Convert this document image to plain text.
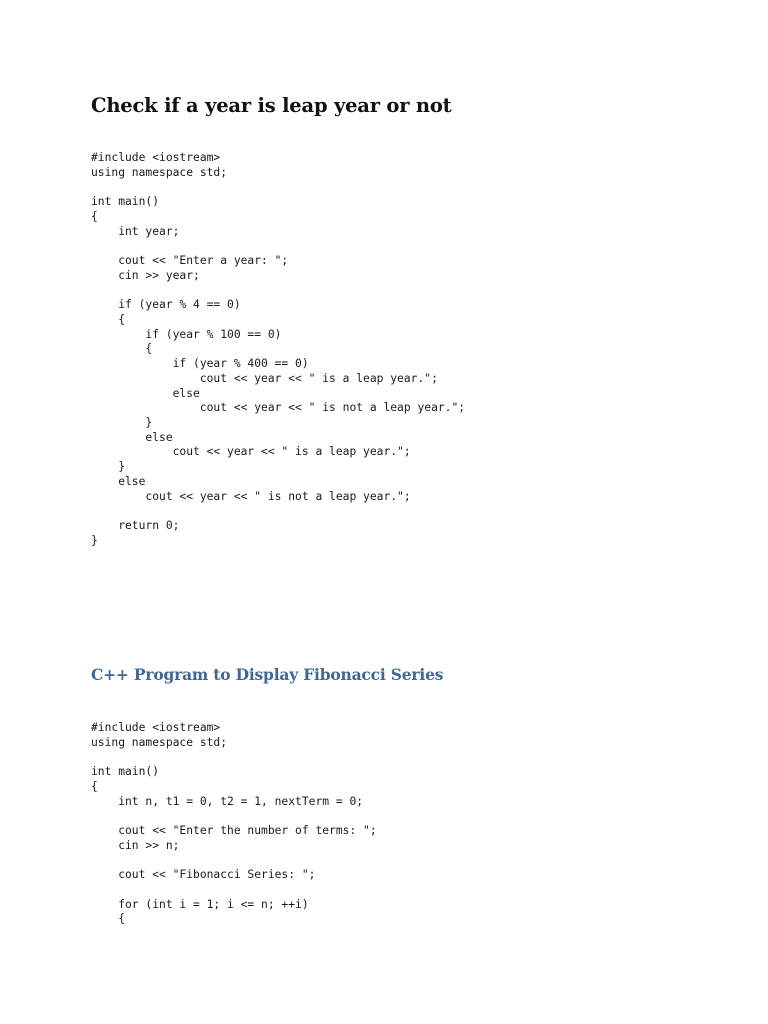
Check if a year is leap year or not
#include <iostream>
using namespace std;
int main()
{
int year;
cout << "Enter a year: ";
cin >> year;
if (year % 4 == 0)
{
if (year % 100 == 0)
{
if (year % 400 == 0)
cout << year << " is a leap year.";
else
cout << year << " is not a leap year.";
}
else
cout << year << " is a leap year.";
}
else
cout << year << " is not a leap year.";
return 0;
}
C++ Program to Display Fibonacci Series
#include <iostream>
using namespace std;
int main()
{
int n, t1 = 0, t2 = 1, nextTerm = 0;
cout << "Enter the number of terms: ";
cin >> n;
cout << "Fibonacci Series: ";
for (int i = 1; i <= n; ++i)
{
